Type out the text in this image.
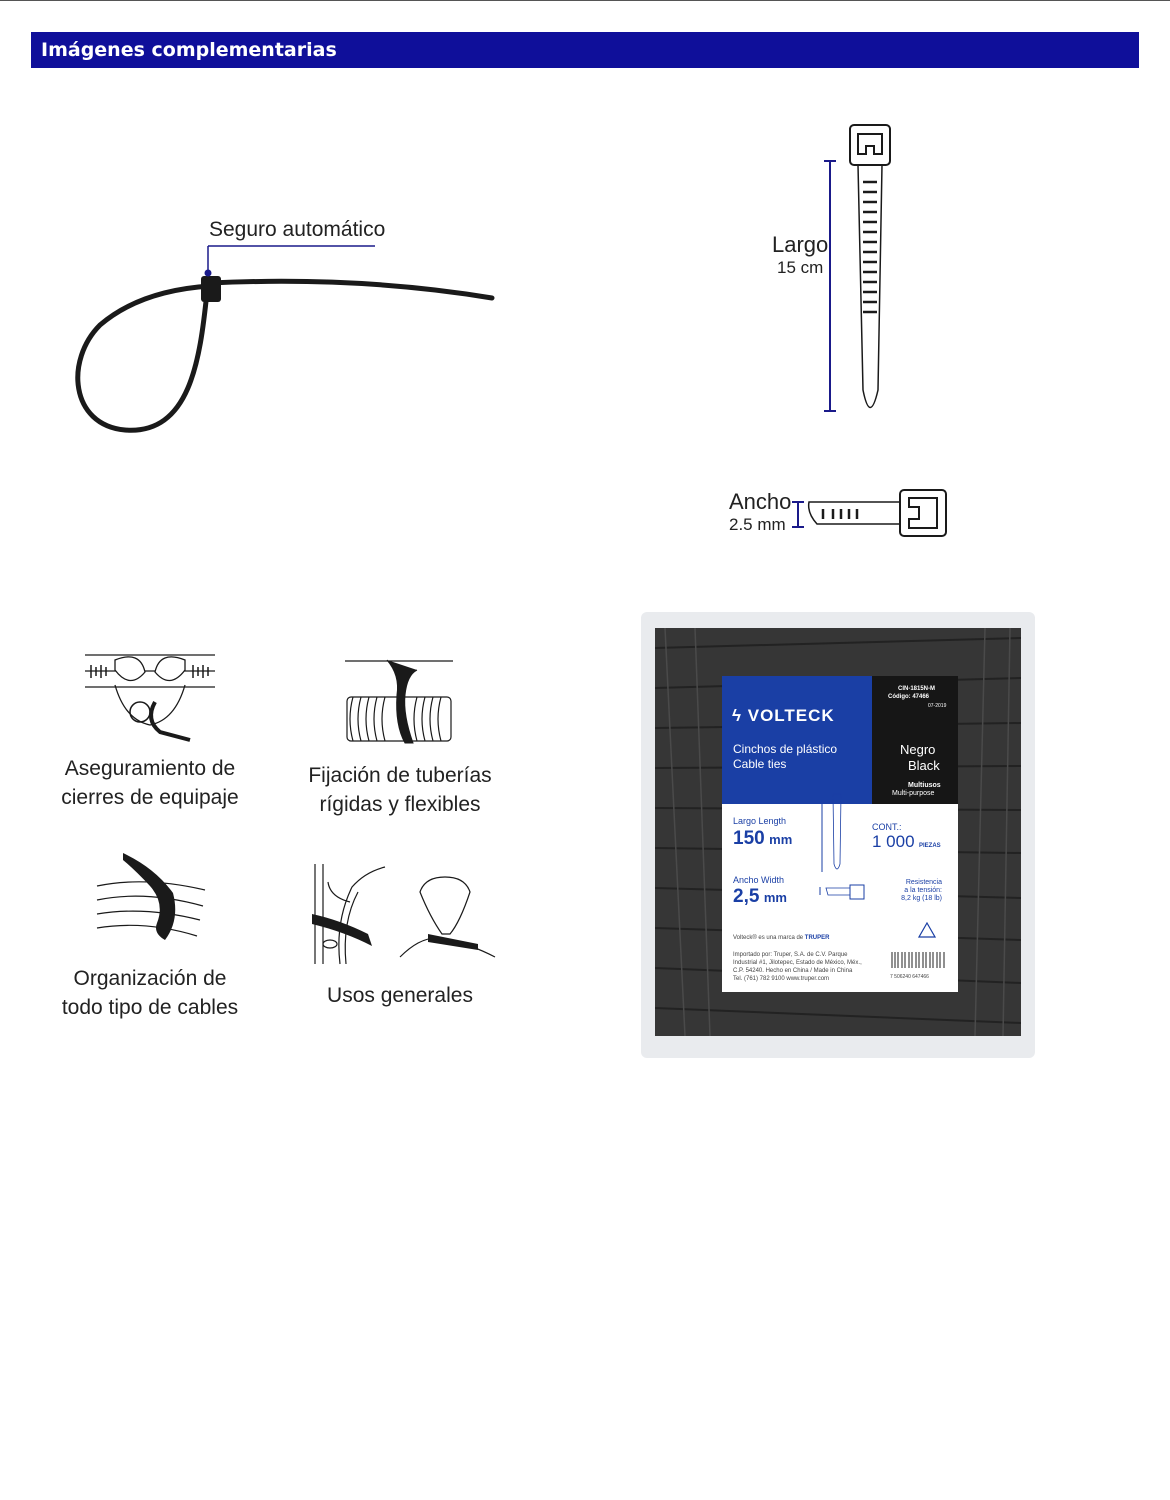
Imágenes complementarias
Seguro automático
Largo
15 cm
Ancho
2.5 mm
Aseguramiento de
cierres de equipaje
Fijación de tuberías
rígidas y flexibles
Organización de
todo tipo de cables
Usos generales
ϟ VOLTECK
Cinchos de plástico
Cable ties
CIN-1815N-M
Código: 47466
07-2019
Negro
Black
Multiusos
Multi-purpose
Largo Length
150 mm
Ancho Width
2,5 mm
CONT.:
1 000 PIEZAS
Resistencia
a la tensión:
8,2 kg (18 lb)
Volteck® es una marca de TRUPER
Importado por: Truper, S.A. de C.V. Parque
Industrial #1, Jilotepec, Estado de México, Méx.,
C.P. 54240. Hecho en China / Made in China
Tel. (761) 782 9100 www.truper.com	7 506240 647466
